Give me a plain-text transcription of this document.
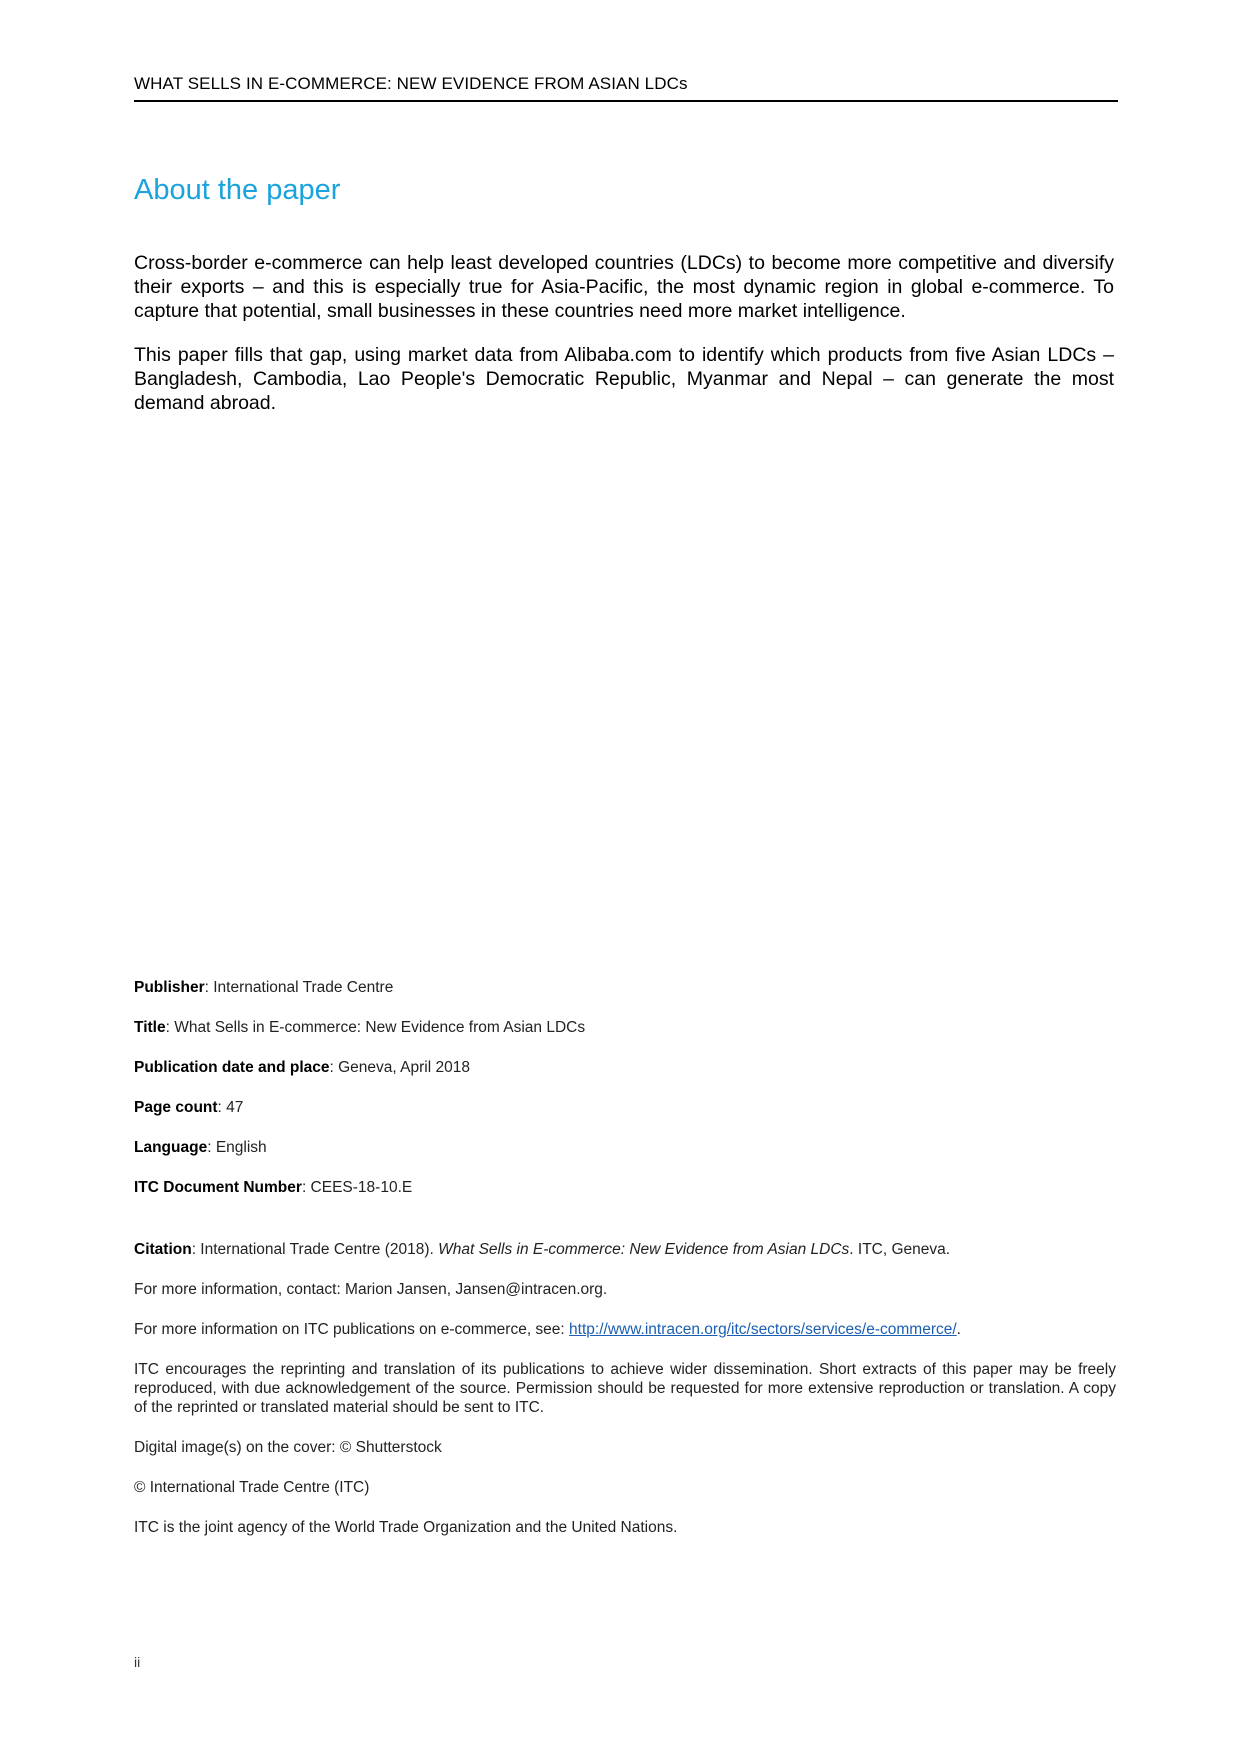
WHAT SELLS IN E-COMMERCE: NEW EVIDENCE FROM ASIAN LDCs
About the paper

Cross-border e-commerce can help least developed countries (LDCs) to become more competitive and diversify their exports – and this is especially true for Asia-Pacific, the most dynamic region in global e-commerce. To capture that potential, small businesses in these countries need more market intelligence.

This paper fills that gap, using market data from Alibaba.com to identify which products from five Asian LDCs – Bangladesh, Cambodia, Lao People's Democratic Republic, Myanmar and Nepal – can generate the most demand abroad.

Publisher: International Trade Centre

Title: What Sells in E-commerce: New Evidence from Asian LDCs

Publication date and place: Geneva, April 2018

Page count: 47

Language: English

ITC Document Number: CEES-18-10.E

Citation: International Trade Centre (2018). What Sells in E-commerce: New Evidence from Asian LDCs. ITC, Geneva.

For more information, contact: Marion Jansen, Jansen@intracen.org.

For more information on ITC publications on e-commerce, see: http://www.intracen.org/itc/sectors/services/e-commerce/.

ITC encourages the reprinting and translation of its publications to achieve wider dissemination. Short extracts of this paper may be freely reproduced, with due acknowledgement of the source. Permission should be requested for more extensive reproduction or translation. A copy of the reprinted or translated material should be sent to ITC.

Digital image(s) on the cover: © Shutterstock

© International Trade Centre (ITC)

ITC is the joint agency of the World Trade Organization and the United Nations.

ii
